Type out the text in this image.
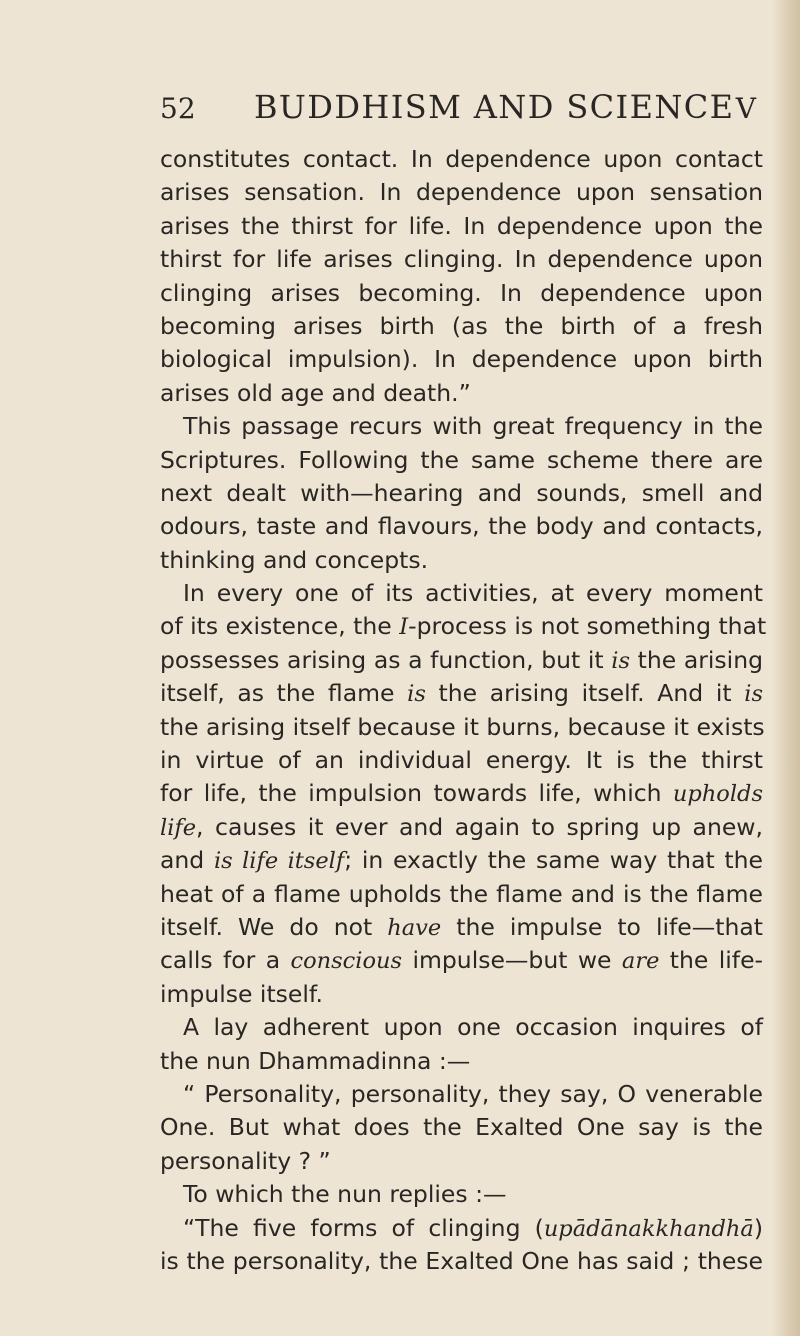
52 BUDDHISM AND SCIENCE V
constitutes contact. In dependence upon contact
arises sensation. In dependence upon sensation
arises the thirst for life. In dependence upon the
thirst for life arises clinging. In dependence upon
clinging arises becoming. In dependence upon
becoming arises birth (as the birth of a fresh
biological impulsion). In dependence upon birth
arises old age and death.”
This passage recurs with great frequency in the
Scriptures. Following the same scheme there are
next dealt with—hearing and sounds, smell and
odours, taste and flavours, the body and contacts,
thinking and concepts.
In every one of its activities, at every moment
of its existence, the I-process is not something that
possesses arising as a function, but it is the arising
itself, as the flame is the arising itself. And it is
the arising itself because it burns, because it exists
in virtue of an individual energy. It is the thirst
for life, the impulsion towards life, which upholds
life, causes it ever and again to spring up anew,
and is life itself; in exactly the same way that the
heat of a flame upholds the flame and is the flame
itself. We do not have the impulse to life—that
calls for a conscious impulse—but we are the life-
impulse itself.
A lay adherent upon one occasion inquires of
the nun Dhammadinna :—
“ Personality, personality, they say, O venerable
One. But what does the Exalted One say is the
personality ? ”
To which the nun replies :—
“The five forms of clinging (upādānakkhandhā)
is the personality, the Exalted One has said ; these
